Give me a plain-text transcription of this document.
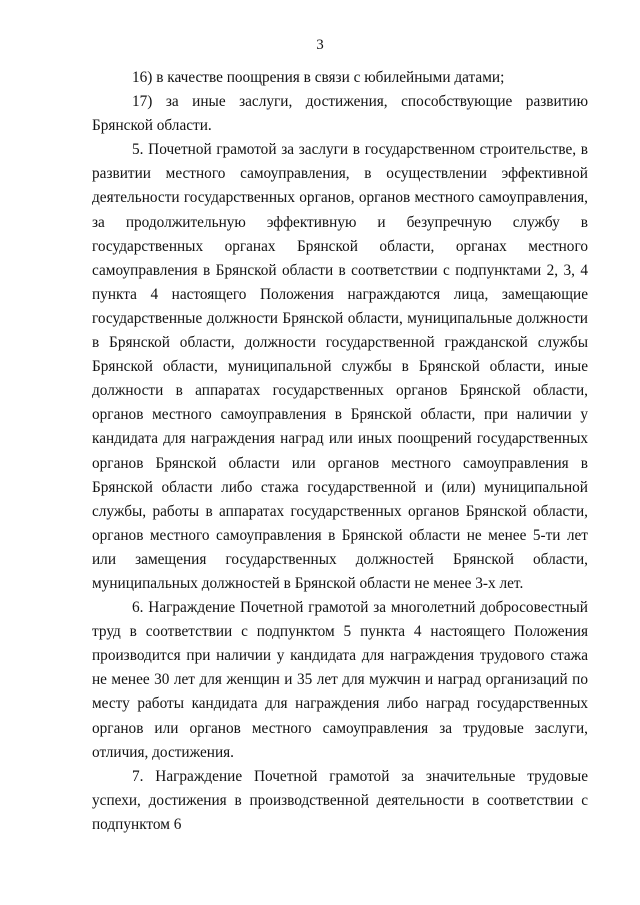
3

16) в качестве поощрения в связи с юбилейными датами;

17) за иные заслуги, достижения, способствующие развитию Брянской области.

5. Почетной грамотой за заслуги в государственном строительстве, в развитии местного самоуправления, в осуществлении эффективной деятельности государственных органов, органов местного самоуправления, за продолжительную эффективную и безупречную службу в государственных органах Брянской области, органах местного самоуправления в Брянской области в соответствии с подпунктами 2, 3, 4 пункта 4 настоящего Положения награждаются лица, замещающие государственные должности Брянской области, муниципальные должности в Брянской области, должности государственной гражданской службы Брянской области, муниципальной службы в Брянской области, иные должности в аппаратах государственных органов Брянской области, органов местного самоуправления в Брянской области, при наличии у кандидата для награждения наград или иных поощрений государственных органов Брянской области или органов местного самоуправления в Брянской области либо стажа государственной и (или) муниципальной службы, работы в аппаратах государственных органов Брянской области, органов местного самоуправления в Брянской области не менее 5-ти лет или замещения государственных должностей Брянской области, муниципальных должностей в Брянской области не менее 3-х лет.

6. Награждение Почетной грамотой за многолетний добросовестный труд в соответствии с подпунктом 5 пункта 4 настоящего Положения производится при наличии у кандидата для награждения трудового стажа не менее 30 лет для женщин и 35 лет для мужчин и наград организаций по месту работы кандидата для награждения либо наград государственных органов или органов местного самоуправления за трудовые заслуги, отличия, достижения.

7. Награждение Почетной грамотой за значительные трудовые успехи, достижения в производственной деятельности в соответствии с подпунктом 6
